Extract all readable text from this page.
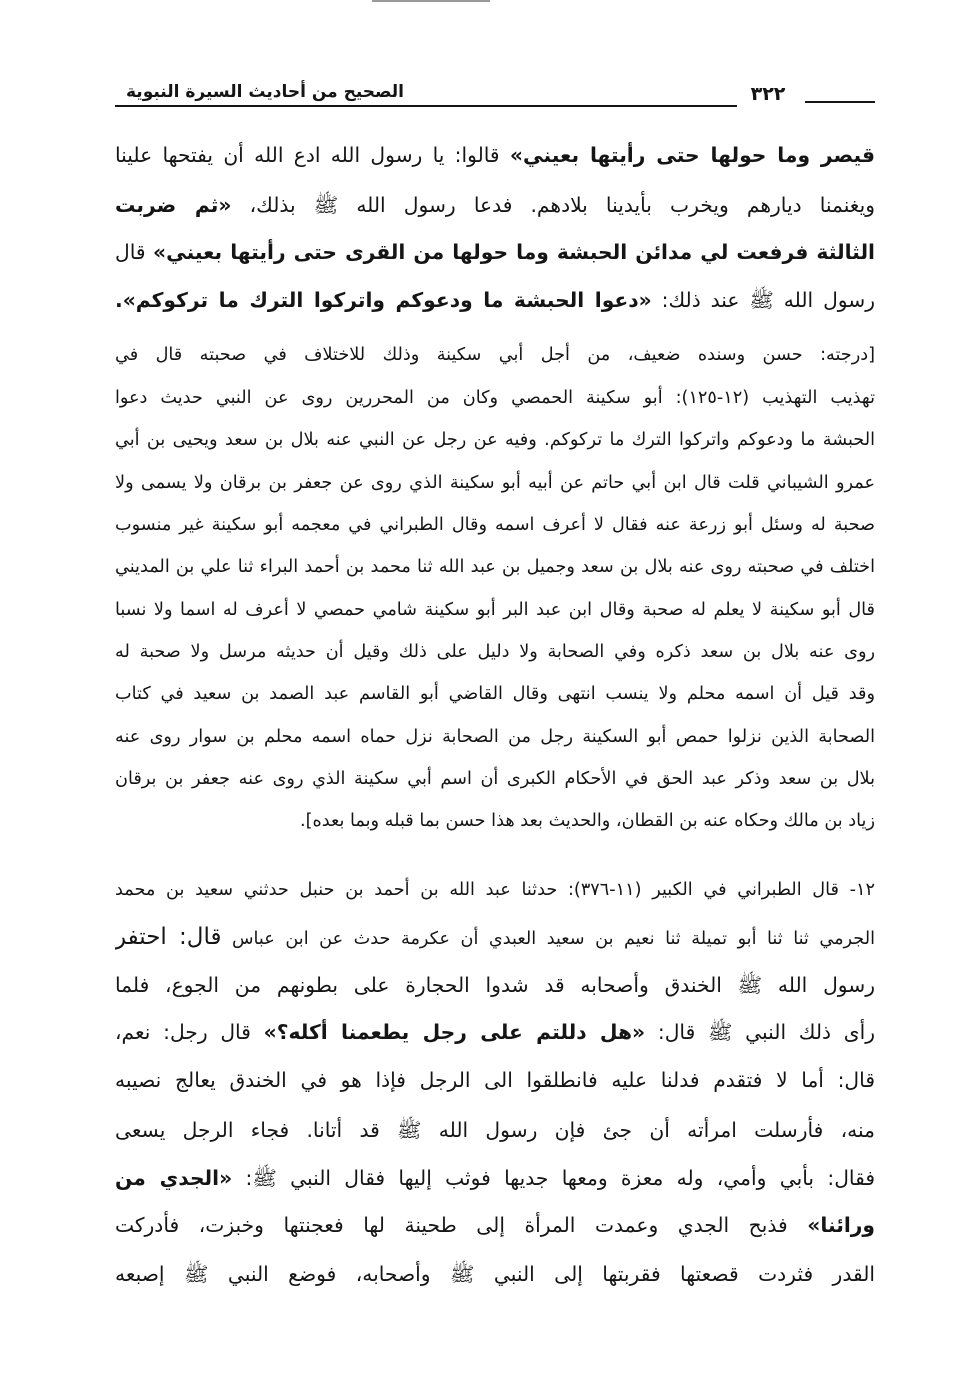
الصحيح من أحاديث السيرة النبوية	٣٢٢
قيصر وما حولها حتى رأيتها بعيني» قالوا: يا رسول الله ادع الله أن يفتحها علينا
ويغنمنا ديارهم ويخرب بأيدينا بلادهم. فدعا رسول الله ﷺ بذلك، «ثم ضربت
الثالثة فرفعت لي مدائن الحبشة وما حولها من القرى حتى رأيتها بعيني» قال
رسول الله ﷺ عند ذلك: «دعوا الحبشة ما ودعوكم واتركوا الترك ما تركوكم».
[درجته: حسن وسنده ضعيف، من أجل أبي سكينة وذلك للاختلاف في صحبته قال في
تهذيب التهذيب (١٢-١٢٥): أبو سكينة الحمصي وكان من المحررين روى عن النبي حديث دعوا
الحبشة ما ودعوكم واتركوا الترك ما تركوكم. وفيه عن رجل عن النبي عنه بلال بن سعد ويحيى بن أبي
عمرو الشيباني قلت قال ابن أبي حاتم عن أبيه أبو سكينة الذي روى عن جعفر بن برقان ولا يسمى ولا
صحبة له وسئل أبو زرعة عنه فقال لا أعرف اسمه وقال الطبراني في معجمه أبو سكينة غير منسوب
اختلف في صحبته روى عنه بلال بن سعد وجميل بن عبد الله ثنا محمد بن أحمد البراء ثنا علي بن المديني
قال أبو سكينة لا يعلم له صحبة وقال ابن عبد البر أبو سكينة شامي حمصي لا أعرف له اسما ولا نسبا
روى عنه بلال بن سعد ذكره وفي الصحابة ولا دليل على ذلك وقيل أن حديثه مرسل ولا صحبة له
وقد قيل أن اسمه محلم ولا ينسب انتهى وقال القاضي أبو القاسم عبد الصمد بن سعيد في كتاب
الصحابة الذين نزلوا حمص أبو السكينة رجل من الصحابة نزل حماه اسمه محلم بن سوار روى عنه
بلال بن سعد وذكر عبد الحق في الأحكام الكبرى أن اسم أبي سكينة الذي روى عنه جعفر بن برقان
زياد بن مالك وحكاه عنه بن القطان، والحديث بعد هذا حسن بما قبله وبما بعده].
١٢- قال الطبراني في الكبير (١١-٣٧٦): حدثنا عبد الله بن أحمد بن حنبل حدثني سعيد بن محمد
الجرمي ثنا ثنا أبو تميلة ثنا نعيم بن سعيد العبدي أن عكرمة حدث عن ابن عباس قال: احتفر
رسول الله ﷺ الخندق وأصحابه قد شدوا الحجارة على بطونهم من الجوع، فلما
رأى ذلك النبي ﷺ قال: «هل دللتم على رجل يطعمنا أكله؟» قال رجل: نعم،
قال: أما لا فتقدم فدلنا عليه فانطلقوا الى الرجل فإذا هو في الخندق يعالج نصيبه
منه، فأرسلت امرأته أن جئ فإن رسول الله ﷺ قد أتانا. فجاء الرجل يسعى
فقال: بأبي وأمي، وله معزة ومعها جديها فوثب إليها فقال النبي ﷺ: «الجدي من
ورائنا» فذبح الجدي وعمدت المرأة إلى طحينة لها فعجنتها وخبزت، فأدركت
القدر فثردت قصعتها فقربتها إلى النبي ﷺ وأصحابه، فوضع النبي ﷺ إصبعه
